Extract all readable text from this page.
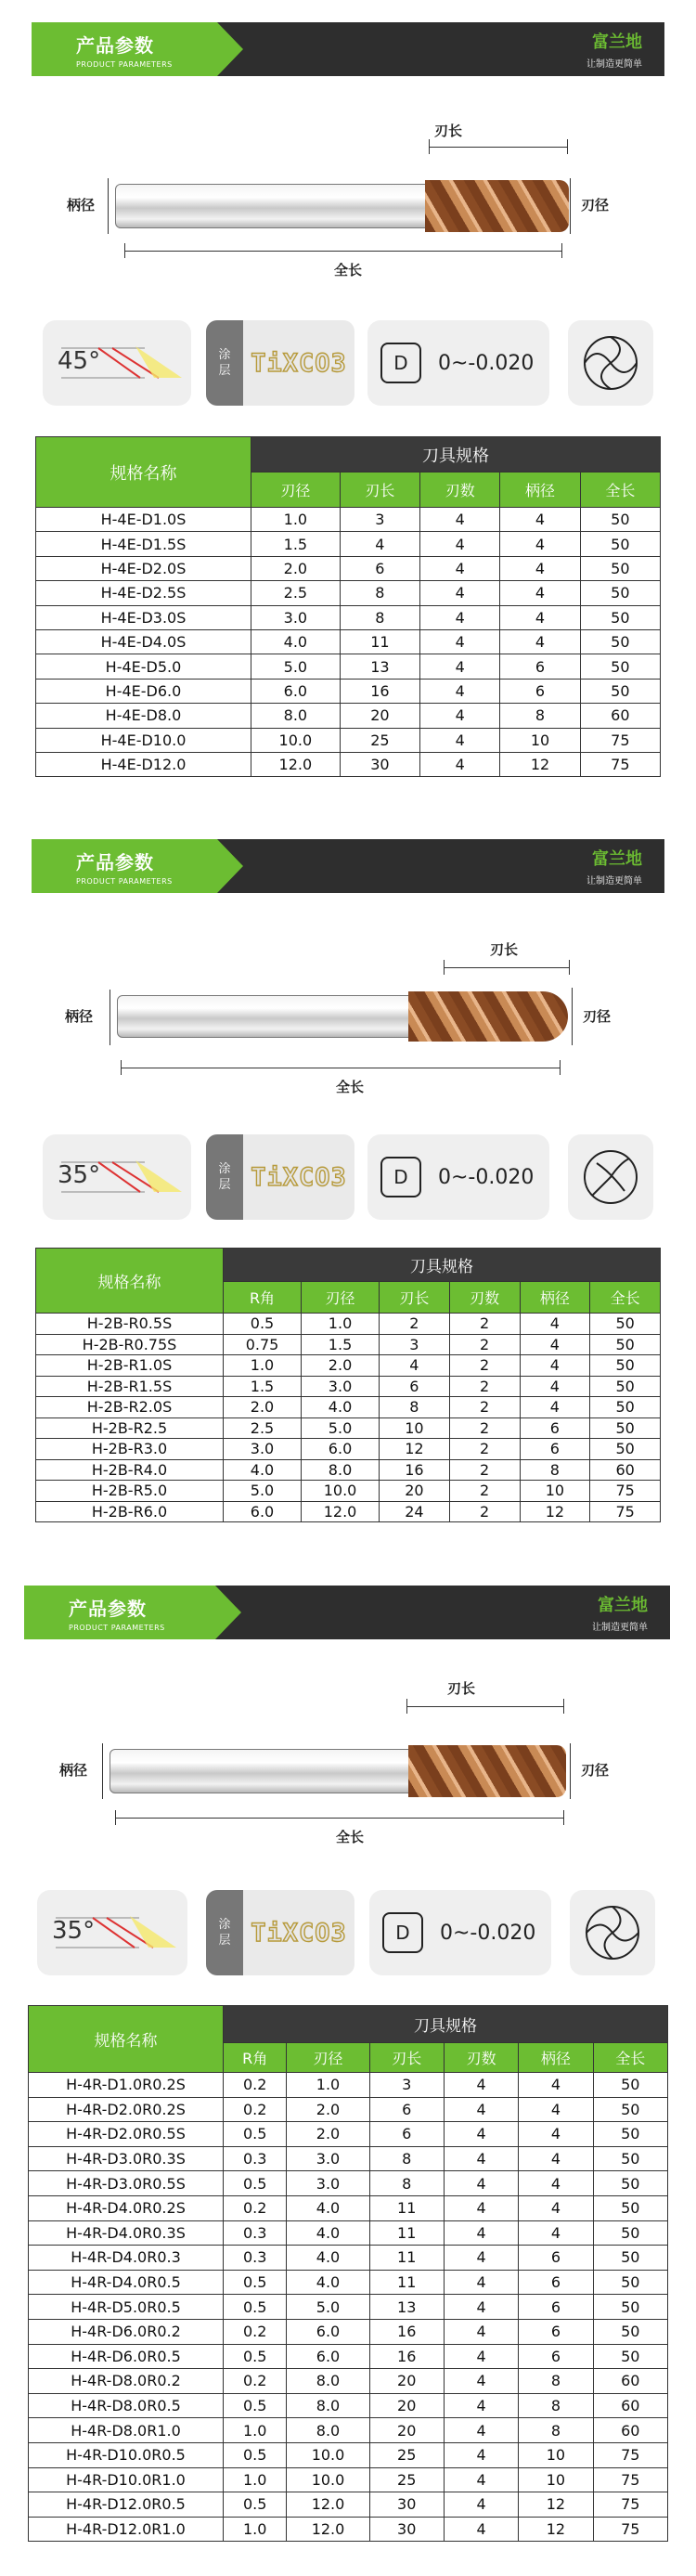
产品参数
PRODUCT PARAMETERS
富兰地
让制造更简单
刃长
刃径
柄径
全长
45°	涂
层 TiXCO3	D	0~-0.020
规格名称	刀具规格				
	刃径	刃长	刃数	柄径	全长
H-4E-D1.0S	1.0	3	4	4	50
H-4E-D1.5S	1.5	4	4	4	50
H-4E-D2.0S	2.0	6	4	4	50
H-4E-D2.5S	2.5	8	4	4	50
H-4E-D3.0S	3.0	8	4	4	50
H-4E-D4.0S	4.0	11	4	4	50
H-4E-D5.0	5.0	13	4	6	50
H-4E-D6.0	6.0	16	4	6	50
H-4E-D8.0	8.0	20	4	8	60
H-4E-D10.0	10.0	25	4	10	75
H-4E-D12.0	12.0	30	4	12	75
产品参数
PRODUCT PARAMETERS
富兰地
让制造更简单
刃长
刃径
柄径
全长
35°	涂
层 TiXCO3	D	0~-0.020
规格名称	刀具规格					
	R角	刃径	刃长	刃数	柄径	全长
H-2B-R0.5S	0.5	1.0	2	2	4	50
H-2B-R0.75S	0.75	1.5	3	2	4	50
H-2B-R1.0S	1.0	2.0	4	2	4	50
H-2B-R1.5S	1.5	3.0	6	2	4	50
H-2B-R2.0S	2.0	4.0	8	2	4	50
H-2B-R2.5	2.5	5.0	10	2	6	50
H-2B-R3.0	3.0	6.0	12	2	6	50
H-2B-R4.0	4.0	8.0	16	2	8	60
H-2B-R5.0	5.0	10.0	20	2	10	75
H-2B-R6.0	6.0	12.0	24	2	12	75
产品参数
PRODUCT PARAMETERS
富兰地
让制造更简单
刃长
刃径
柄径
全长
35°	涂
层 TiXCO3	D	0~-0.020
规格名称	刀具规格					
	R角	刃径	刃长	刃数	柄径	全长
H-4R-D1.0R0.2S	0.2	1.0	3	4	4	50
H-4R-D2.0R0.2S	0.2	2.0	6	4	4	50
H-4R-D2.0R0.5S	0.5	2.0	6	4	4	50
H-4R-D3.0R0.3S	0.3	3.0	8	4	4	50
H-4R-D3.0R0.5S	0.5	3.0	8	4	4	50
H-4R-D4.0R0.2S	0.2	4.0	11	4	4	50
H-4R-D4.0R0.3S	0.3	4.0	11	4	4	50
H-4R-D4.0R0.3	0.3	4.0	11	4	6	50
H-4R-D4.0R0.5	0.5	4.0	11	4	6	50
H-4R-D5.0R0.5	0.5	5.0	13	4	6	50
H-4R-D6.0R0.2	0.2	6.0	16	4	6	50
H-4R-D6.0R0.5	0.5	6.0	16	4	6	50
H-4R-D8.0R0.2	0.2	8.0	20	4	8	60
H-4R-D8.0R0.5	0.5	8.0	20	4	8	60
H-4R-D8.0R1.0	1.0	8.0	20	4	8	60
H-4R-D10.0R0.5	0.5	10.0	25	4	10	75
H-4R-D10.0R1.0	1.0	10.0	25	4	10	75
H-4R-D12.0R0.5	0.5	12.0	30	4	12	75
H-4R-D12.0R1.0	1.0	12.0	30	4	12	75
